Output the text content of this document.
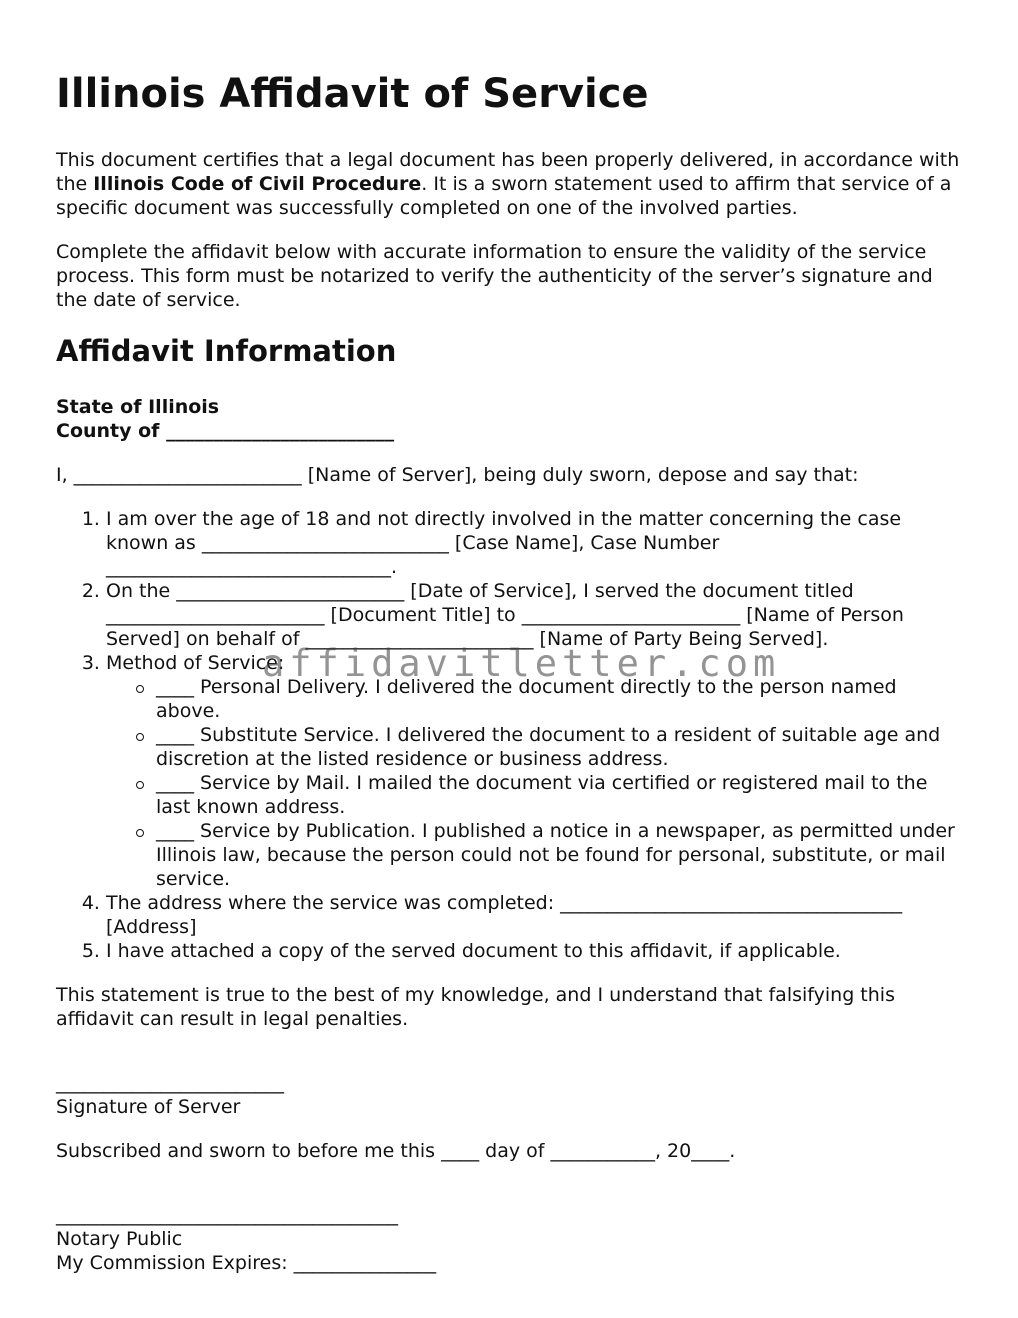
Illinois Affidavit of Service

This document certifies that a legal document has been properly delivered, in accordance with the Illinois Code of Civil Procedure. It is a sworn statement used to affirm that service of a specific document was successfully completed on one of the involved parties.

Complete the affidavit below with accurate information to ensure the validity of the service process. This form must be notarized to verify the authenticity of the server’s signature and the date of service.

Affidavit Information

State of Illinois
County of ________________________

I, ________________________ [Name of Server], being duly sworn, depose and say that:

1. I am over the age of 18 and not directly involved in the matter concerning the case known as __________________________ [Case Name], Case Number ______________________________.
2. On the ________________________ [Date of Service], I served the document titled _______________________ [Document Title] to _______________________ [Name of Person Served] on behalf of ________________________ [Name of Party Being Served].
3. Method of Service:
____ Personal Delivery. I delivered the document directly to the person named above.
____ Substitute Service. I delivered the document to a resident of suitable age and discretion at the listed residence or business address.
____ Service by Mail. I mailed the document via certified or registered mail to the last known address.
____ Service by Publication. I published a notice in a newspaper, as permitted under Illinois law, because the person could not be found for personal, substitute, or mail service.
4. The address where the service was completed: ____________________________________ [Address]
5. I have attached a copy of the served document to this affidavit, if applicable.

This statement is true to the best of my knowledge, and I understand that falsifying this affidavit can result in legal penalties.

________________________
Signature of Server

Subscribed and sworn to before me this ____ day of ___________, 20____.

____________________________________
Notary Public
My Commission Expires: _______________

affidavitletter.com
